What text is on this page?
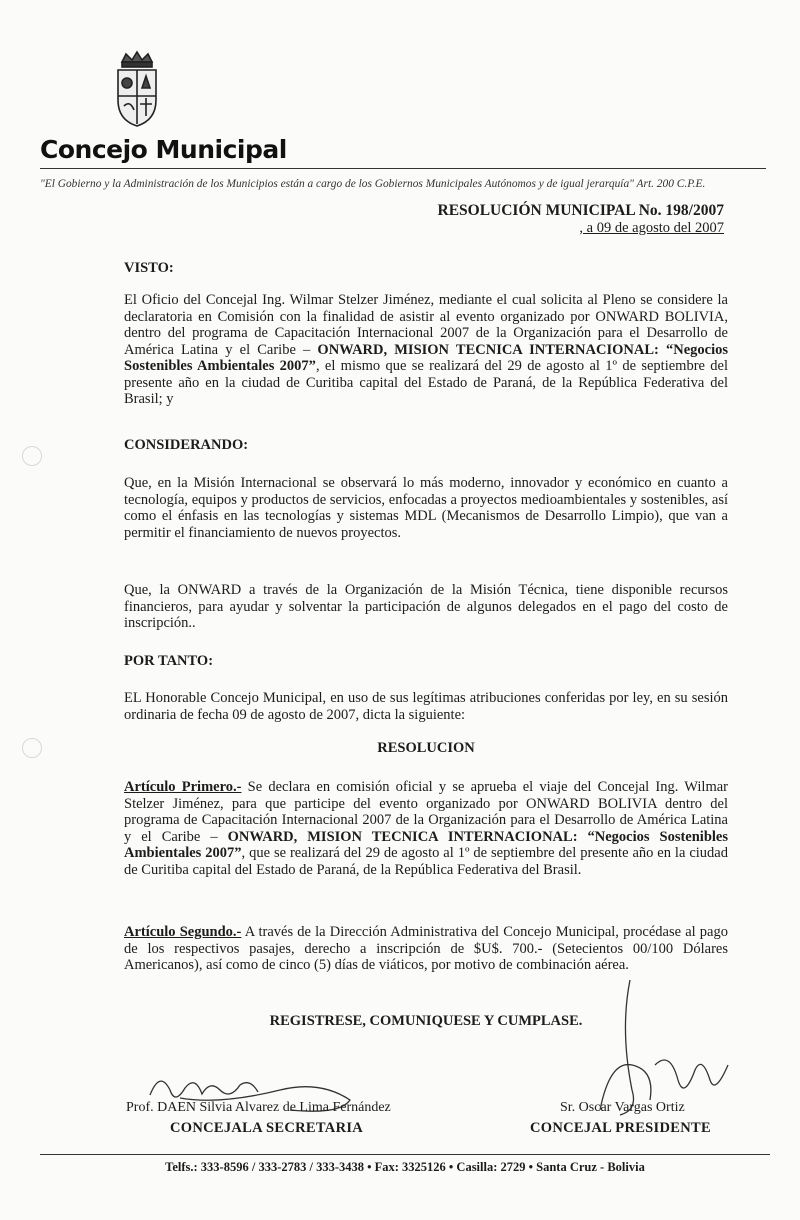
Concejo Municipal
"El Gobierno y la Administración de los Municipios están a cargo de los Gobiernos Municipales Autónomos y de igual jerarquía" Art. 200 C.P.E.
RESOLUCIÓN MUNICIPAL No. 198/2007
, a 09 de agosto del 2007
VISTO:
El Oficio del Concejal Ing. Wilmar Stelzer Jiménez, mediante el cual solicita al Pleno se considere la declaratoria en Comisión con la finalidad de asistir al evento organizado por ONWARD BOLIVIA, dentro del programa de Capacitación Internacional 2007 de la Organización para el Desarrollo de América Latina y el Caribe – ONWARD, MISION TECNICA INTERNACIONAL: “Negocios Sostenibles Ambientales 2007”, el mismo que se realizará del 29 de agosto al 1º de septiembre del presente año en la ciudad de Curitiba capital del Estado de Paraná, de la República Federativa del Brasil; y
CONSIDERANDO:
Que, en la Misión Internacional se observará lo más moderno, innovador y económico en cuanto a tecnología, equipos y productos de servicios, enfocadas a proyectos medioambientales y sostenibles, así como el énfasis en las tecnologías y sistemas MDL (Mecanismos de Desarrollo Limpio), que van a permitir el financiamiento de nuevos proyectos.
Que, la ONWARD a través de la Organización de la Misión Técnica, tiene disponible recursos financieros, para ayudar y solventar la participación de algunos delegados en el pago del costo de inscripción..
POR TANTO:
EL Honorable Concejo Municipal, en uso de sus legítimas atribuciones conferidas por ley, en su sesión ordinaria de fecha 09 de agosto de 2007, dicta la siguiente:
RESOLUCION
Artículo Primero.- Se declara en comisión oficial y se aprueba el viaje del Concejal Ing. Wilmar Stelzer Jiménez, para que participe del evento organizado por ONWARD BOLIVIA dentro del programa de Capacitación Internacional 2007 de la Organización para el Desarrollo de América Latina y el Caribe – ONWARD, MISION TECNICA INTERNACIONAL: “Negocios Sostenibles Ambientales 2007”, que se realizará del 29 de agosto al 1º de septiembre del presente año en la ciudad de Curitiba capital del Estado de Paraná, de la República Federativa del Brasil.
Artículo Segundo.- A través de la Dirección Administrativa del Concejo Municipal, procédase al pago de los respectivos pasajes, derecho a inscripción de $U$. 700.- (Setecientos 00/100 Dólares Americanos), así como de cinco (5) días de viáticos, por motivo de combinación aérea.
REGISTRESE, COMUNIQUESE Y CUMPLASE.
Prof. DAEN Silvia Alvarez de Lima Fernández
CONCEJALA SECRETARIA
Sr. Oscar Vargas Ortiz
CONCEJAL PRESIDENTE
Telfs.: 333-8596 / 333-2783 / 333-3438 • Fax: 3325126 • Casilla: 2729 • Santa Cruz - Bolivia
